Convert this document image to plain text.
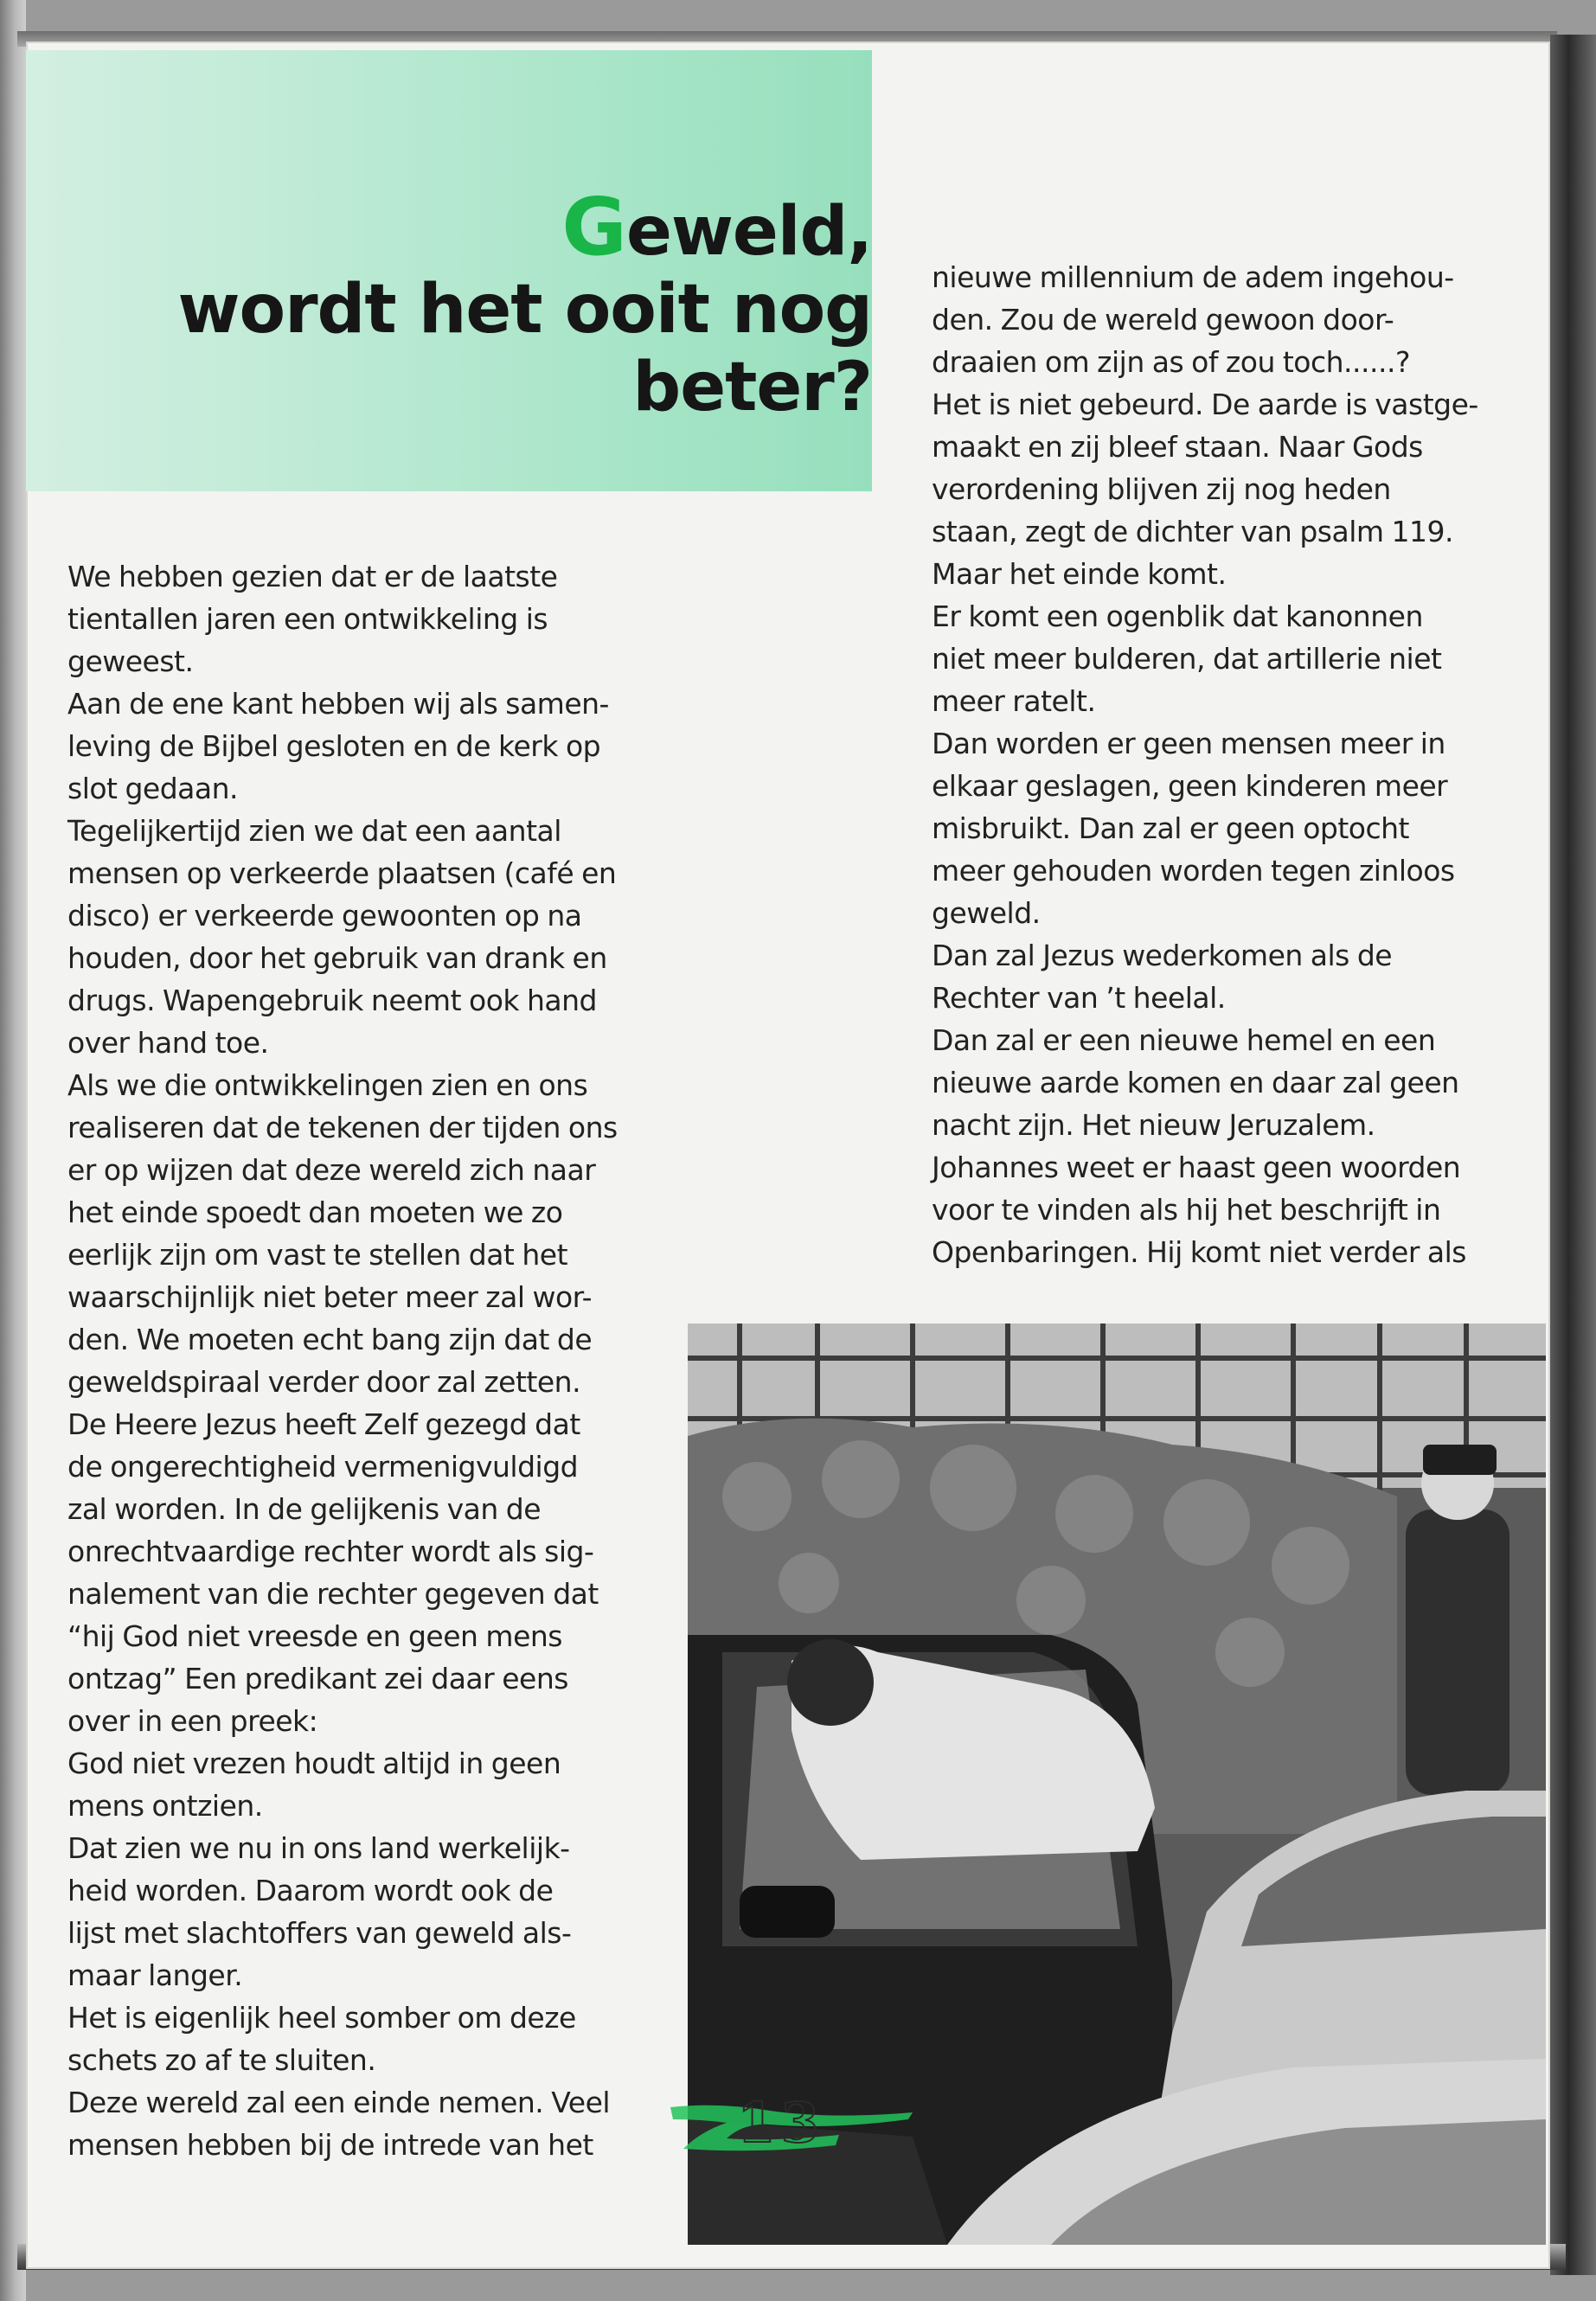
Geweld,
wordt het ooit nog
beter?

We hebben gezien dat er de laatste

tientallen jaren een ontwikkeling is

geweest.

Aan de ene kant hebben wij als samen-

leving de Bijbel gesloten en de kerk op

slot gedaan.

Tegelijkertijd zien we dat een aantal

mensen op verkeerde plaatsen (café en

disco) er verkeerde gewoonten op na

houden, door het gebruik van drank en

drugs. Wapengebruik neemt ook hand

over hand toe.

Als we die ontwikkelingen zien en ons

realiseren dat de tekenen der tijden ons

er op wijzen dat deze wereld zich naar

het einde spoedt dan moeten we zo

eerlijk zijn om vast te stellen dat het

waarschijnlijk niet beter meer zal wor-

den. We moeten echt bang zijn dat de

geweldspiraal verder door zal zetten.

De Heere Jezus heeft Zelf gezegd dat

de ongerechtigheid vermenigvuldigd

zal worden. In de gelijkenis van de

onrechtvaardige rechter wordt als sig-

nalement van die rechter gegeven dat

“hij God niet vreesde en geen mens

ontzag” Een predikant zei daar eens

over in een preek:

God niet vrezen houdt altijd in geen

mens ontzien.

Dat zien we nu in ons land werkelijk-

heid worden. Daarom wordt ook de

lijst met slachtoffers van geweld als-

maar langer.

Het is eigenlijk heel somber om deze

schets zo af te sluiten.

Deze wereld zal een einde nemen. Veel

mensen hebben bij de intrede van het

nieuwe millennium de adem ingehou-

den. Zou de wereld gewoon door-

draaien om zijn as of zou toch......?

Het is niet gebeurd. De aarde is vastge-

maakt en zij bleef staan. Naar Gods

verordening blijven zij nog heden

staan, zegt de dichter van psalm 119.

Maar het einde komt.

Er komt een ogenblik dat kanonnen

niet meer bulderen, dat artillerie niet

meer ratelt.

Dan worden er geen mensen meer in

elkaar geslagen, geen kinderen meer

misbruikt. Dan zal er geen optocht

meer gehouden worden tegen zinloos

geweld.

Dan zal Jezus wederkomen als de

Rechter van ’t heelal.

Dan zal er een nieuwe hemel en een

nieuwe aarde komen en daar zal geen

nacht zijn. Het nieuw Jeruzalem.

Johannes weet er haast geen woorden

voor te vinden als hij het beschrijft in

Openbaringen. Hij komt niet verder als

13
